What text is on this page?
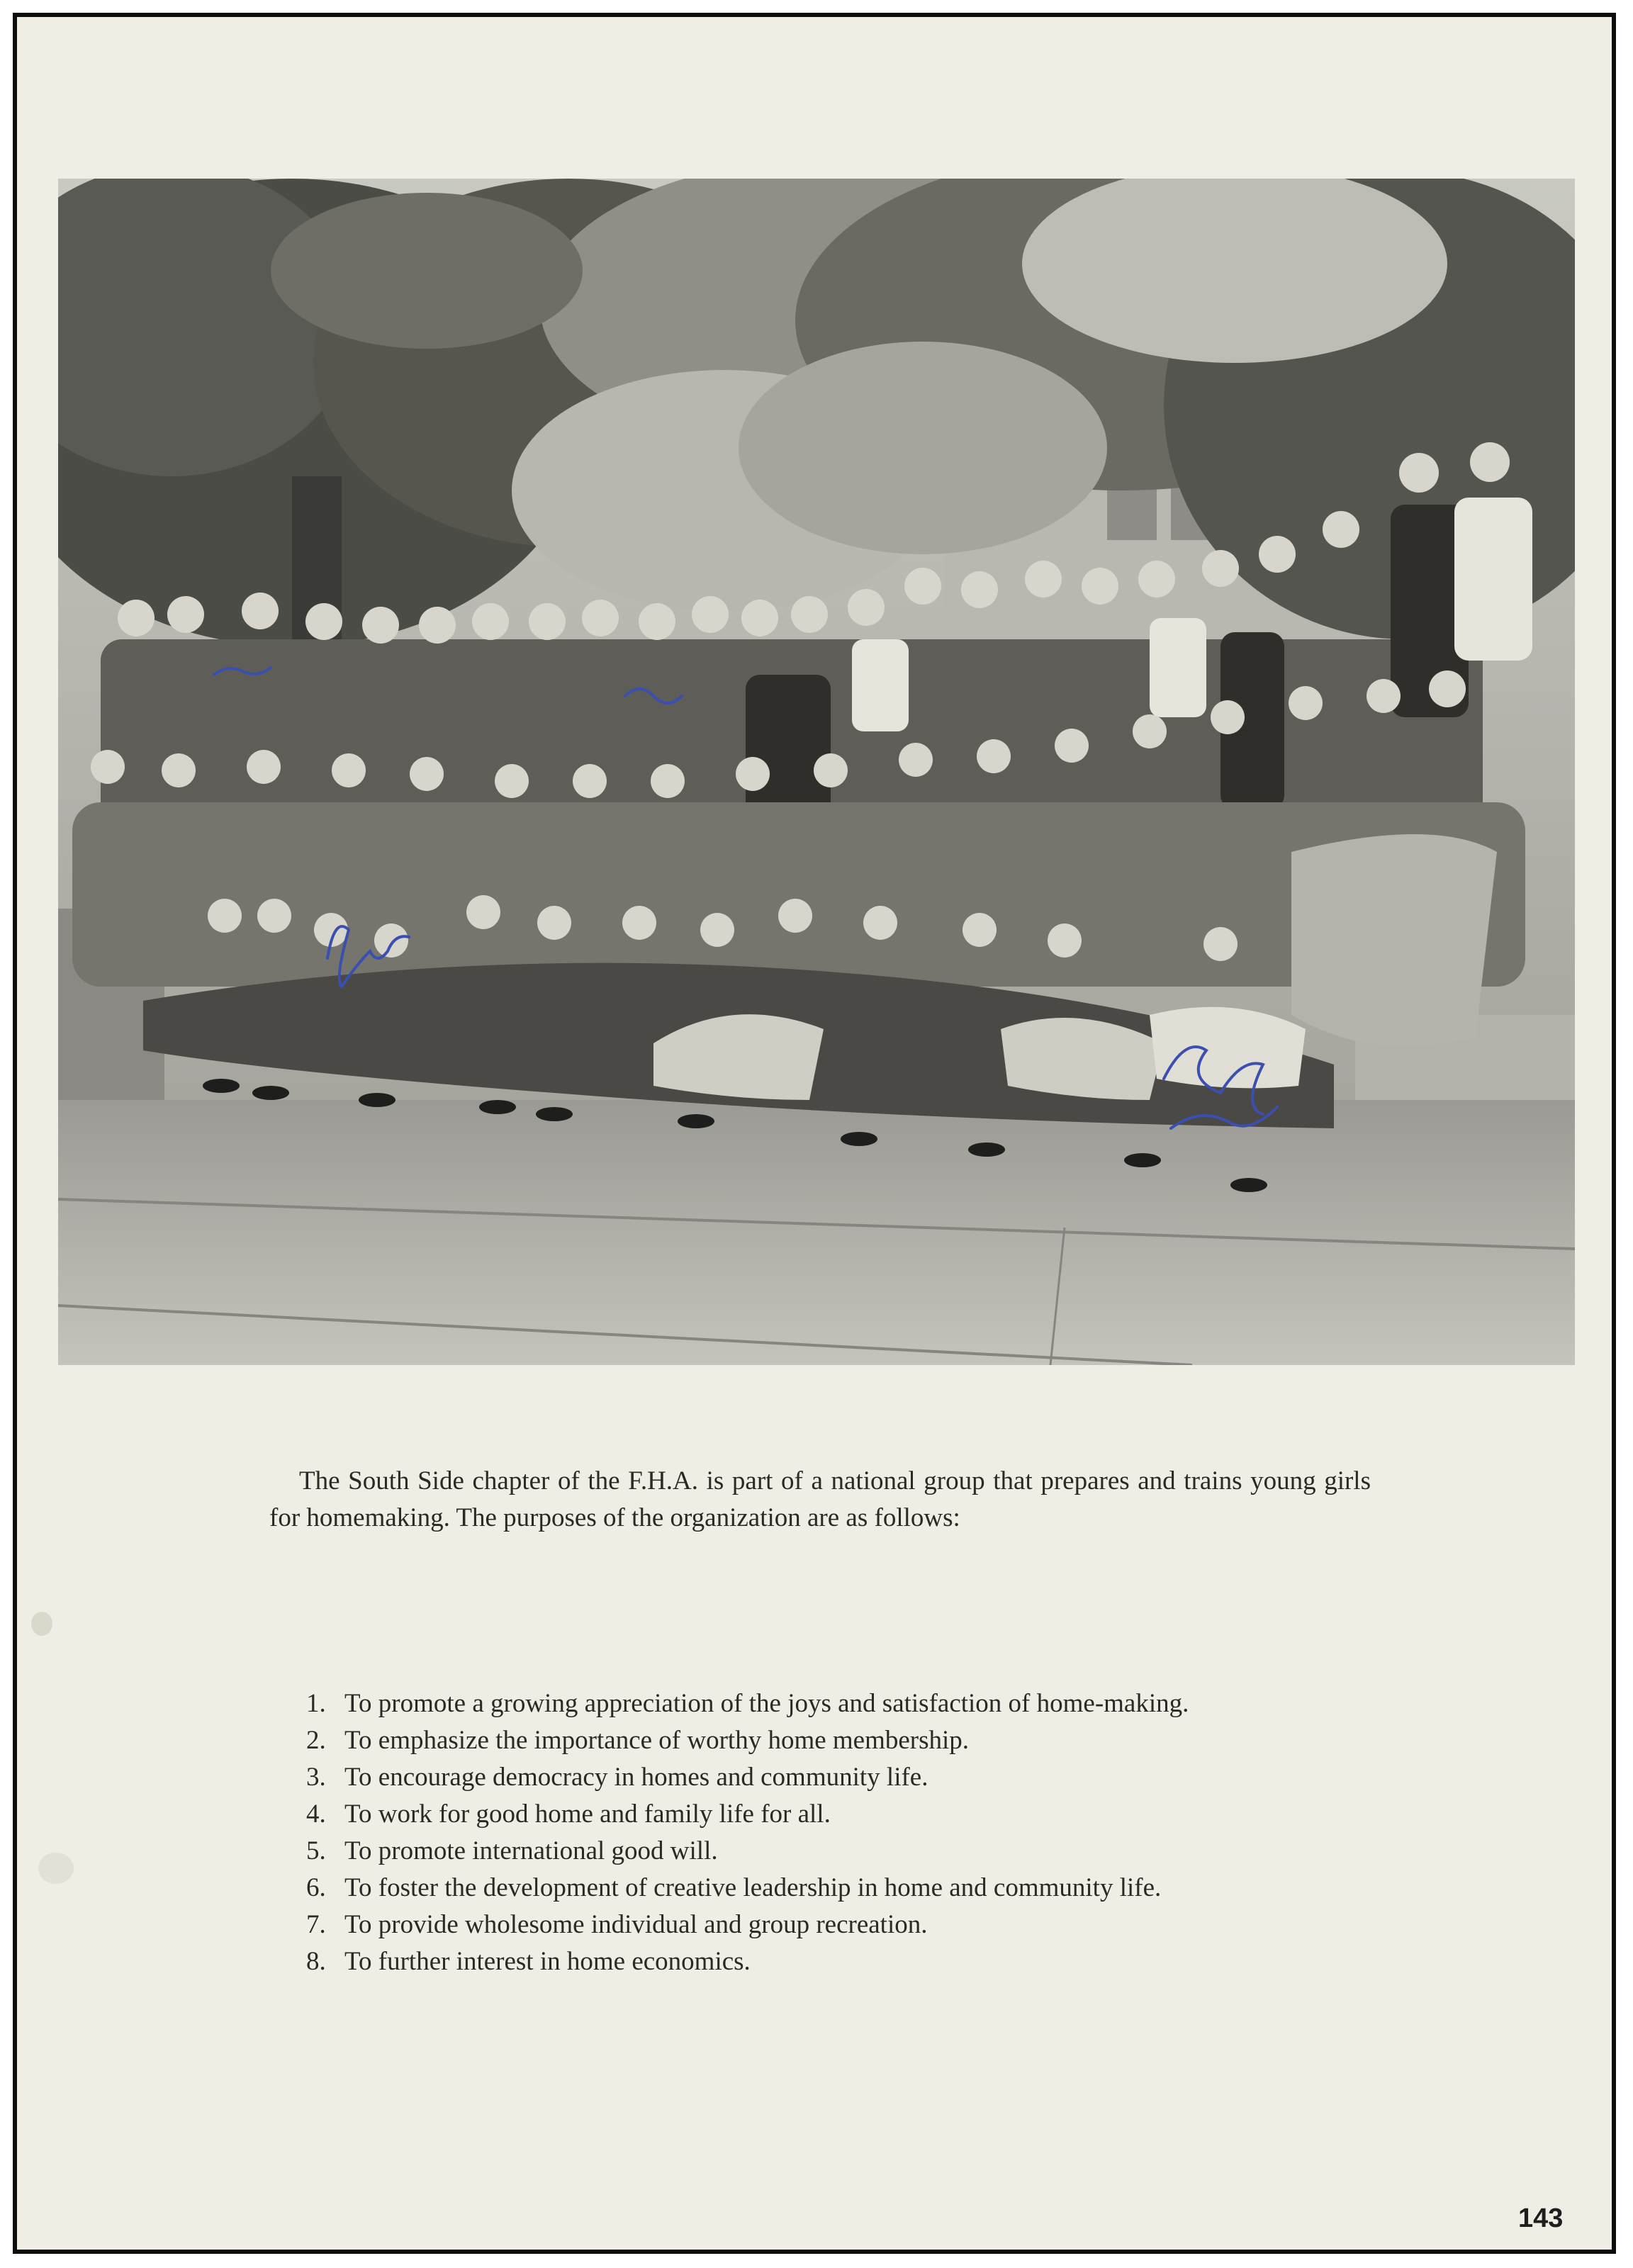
The South Side chapter of the F.H.A. is part of a national group that prepares and trains young girls for homemaking. The purposes of the organization are as follows:

1. To promote a growing appreciation of the joys and satisfaction of home-making.
2. To emphasize the importance of worthy home membership.
3. To encourage democracy in homes and community life.
4. To work for good home and family life for all.
5. To promote international good will.
6. To foster the development of creative leadership in home and community life.
7. To provide wholesome individual and group recreation.
8. To further interest in home economics.
143
